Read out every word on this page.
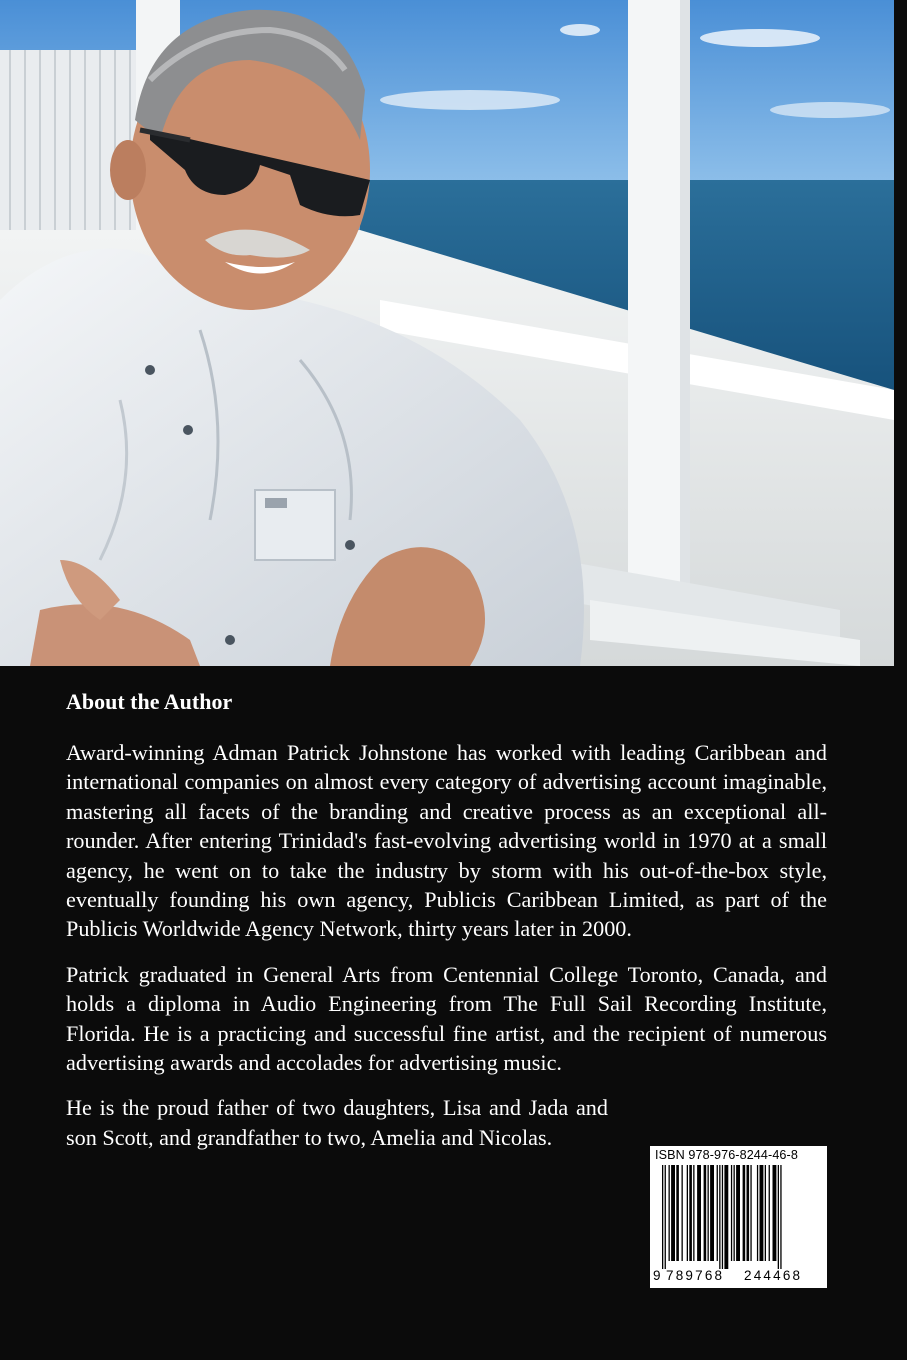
About the Author

Award-winning Adman Patrick Johnstone has worked with leading Caribbean and international companies on almost every category of advertising account imaginable, mastering all facets of the branding and creative process as an exceptional all-rounder. After entering Trinidad's fast-evolving advertising world in 1970 at a small agency, he went on to take the industry by storm with his out-of-the-box style, eventually founding his own agency, Publicis Caribbean Limited, as part of the Publicis Worldwide Agency Network, thirty years later in 2000.

Patrick graduated in General Arts from Centennial College Toronto, Canada, and holds a diploma in Audio Engineering from The Full Sail Recording Institute, Florida. He is a practicing and successful fine artist, and the recipient of numerous advertising awards and accolades for advertising music.

He is the proud father of two daughters, Lisa and Jada and son Scott, and grandfather to two, Amelia and Nicolas.

ISBN 978-976-8244-46-8
9 789768 244468
